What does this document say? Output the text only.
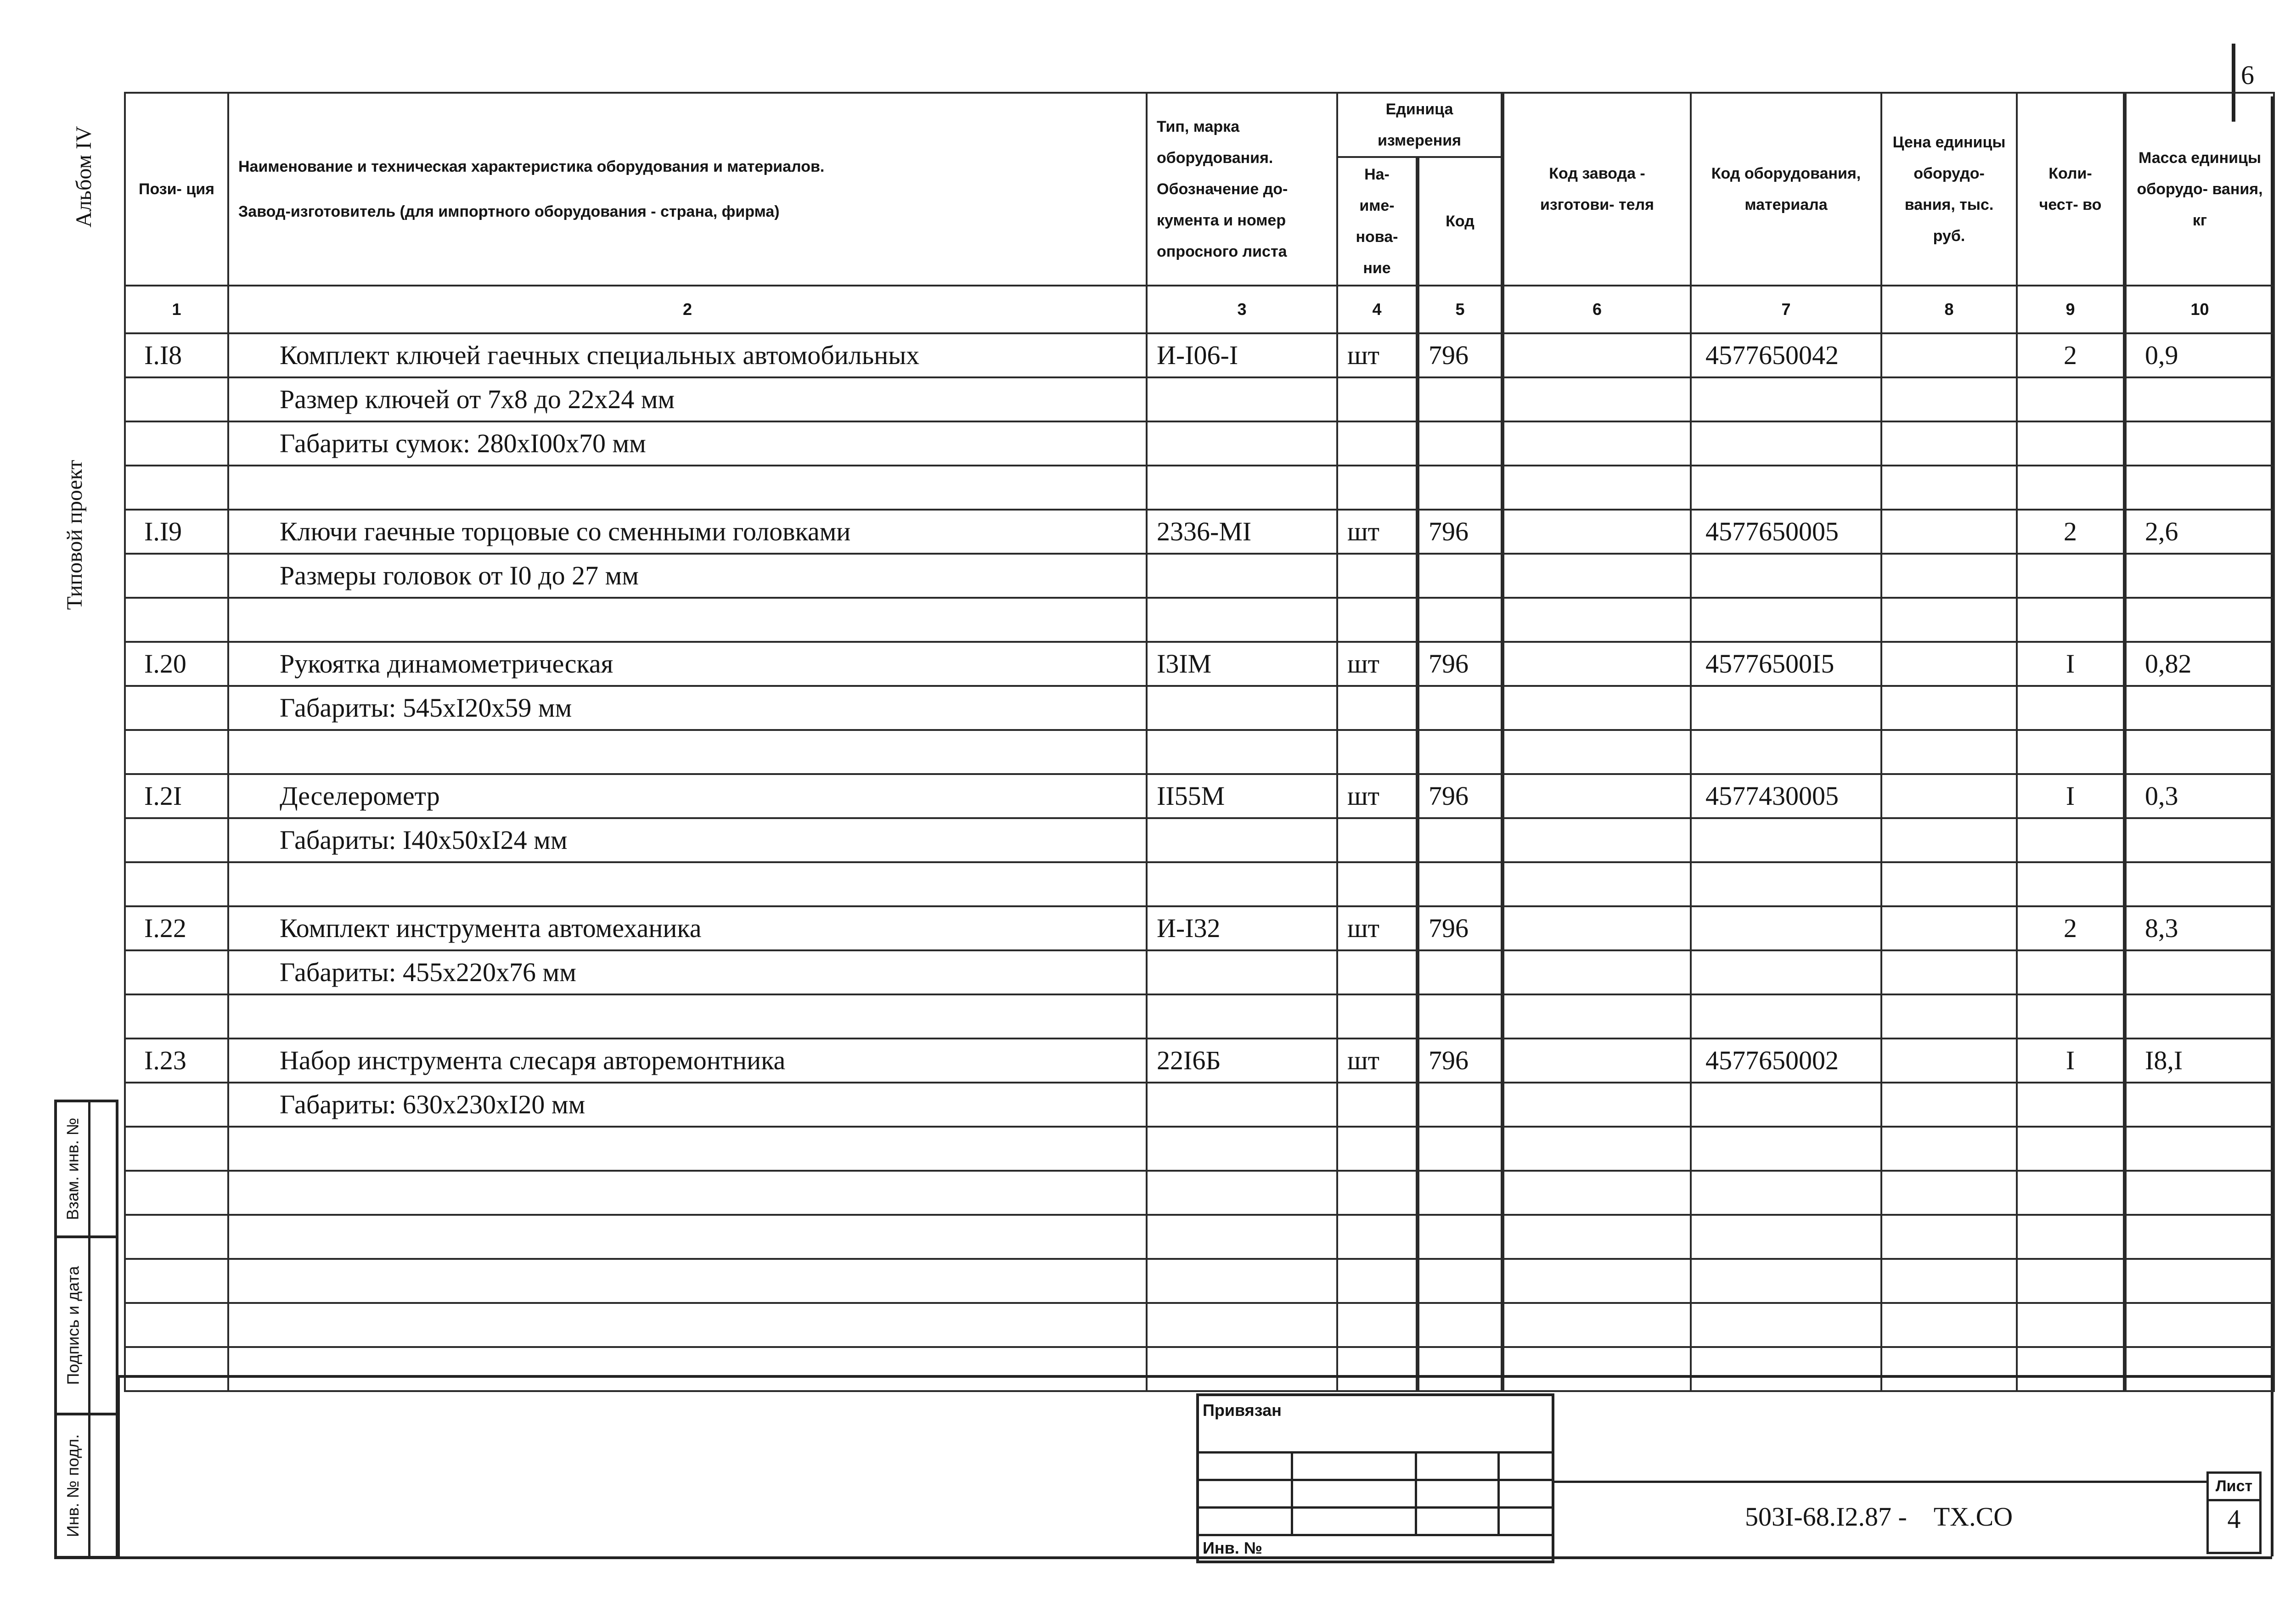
6
Альбом IV
Типовой проект
Взам. инв. №
Подпись и дата
Инв. № подл.
Пози- ция	Наименование и техническая характеристика оборудования и материалов.
Завод-изготовитель (для импортного оборудования - страна, фирма)	Тип, марка оборудования. Обозначение до- кумента и номер опросного листа	Единица измерения		Код завода - изготови- теля	Код оборудования, материала	Цена единицы оборудо- вания, тыс. руб.	Коли- чест- во	Масса единицы оборудо- вания, кг
			На- име- нова- ние	Код					
1	2	3	4	5	6	7	8	9	10
I.I8	Комплект ключей гаечных специальных автомобильных	И-I06-I	шт	796		4577650042		2	0,9
	Размер ключей от 7х8 до 22х24 мм								
	Габариты сумок: 280хI00х70 мм								

I.I9	Ключи гаечные торцовые со сменными головками	2336-МI	шт	796		4577650005		2	2,6
	Размеры головок от I0 до 27 мм								

I.20	Рукоятка динамометрическая	I3IМ	шт	796		45776500I5		I	0,82
	Габариты: 545хI20х59 мм								

I.2I	Деселерометр	II55М	шт	796		4577430005		I	0,3
	Габариты: I40х50хI24 мм								

I.22	Комплект инструмента автомеханика	И-I32	шт	796				2	8,3
	Габариты: 455х220х76 мм								

I.23	Набор инструмента слесаря авторемонтника	22I6Б	шт	796		4577650002		I	I8,I
	Габариты: 630х230хI20 мм								

Привязан
Инв. №
503I-68.I2.87 -    ТХ.СО
Лист
4
